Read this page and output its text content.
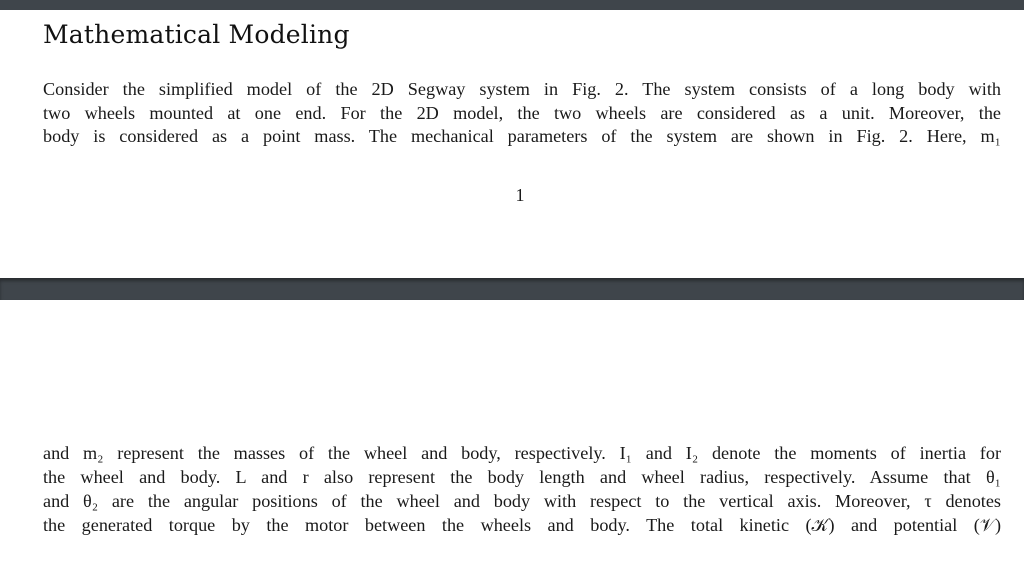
Mathematical Modeling
Consider the simplified model of the 2D Segway system in Fig. 2. The system consists of a long body with
two wheels mounted at one end. For the 2D model, the two wheels are considered as a unit. Moreover, the
body is considered as a point mass. The mechanical parameters of the system are shown in Fig. 2. Here, m₁
1
and m₂ represent the masses of the wheel and body, respectively. I₁ and I₂ denote the moments of inertia for
the wheel and body. L and r also represent the body length and wheel radius, respectively. Assume that θ₁
and θ₂ are the angular positions of the wheel and body with respect to the vertical axis. Moreover, τ denotes
the generated torque by the motor between the wheels and body. The total kinetic (𝒦) and potential (𝒱)
